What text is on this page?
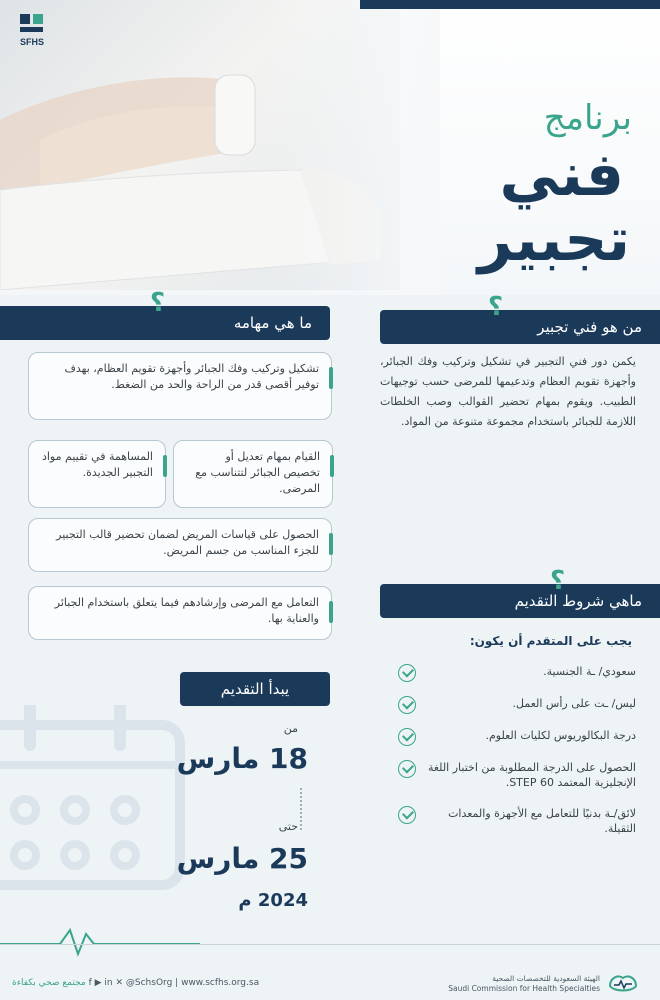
SFHS
برنامج
فني
تجبير
ما هي مهامه
؟
تشكيل وتركيب وفك الجبائر وأجهزة تقويم العظام، بهدف توفير أقصى قدر من الراحة والحد من الضغط.
القيام بمهام تعديل أو تخصيص الجبائر لتتناسب مع المرضى.
المساهمة في تقييم مواد التجبير الجديدة.
الحصول على قياسات المريض لضمان تحضير قالب التجبير للجزء المناسب من جسم المريض.
التعامل مع المرضى وإرشادهم فيما يتعلق باستخدام الجبائر والعناية بها.
من هو فني تجبير
؟
يكمن دور فني التجبير في تشكيل وتركيب وفك الجبائر، وأجهزة تقويم العظام وتدعيمها للمرضى حسب توجيهات الطبيب. ويقوم بمهام تحضير القوالب وصب الخلطات اللازمة للجبائر باستخدام مجموعة متنوعة من المواد.
ماهي شروط التقديم
؟
يجب على المتقدم أن يكون:
سعودي/ ـة الجنسية.
ليس/ ـت على رأس العمل.
درجة البكالوريوس لكليات العلوم.
الحصول على الدرجة المطلوبة من اختبار اللغة الإنجليزية المعتمد STEP 60.
لائق/ـة بدنيًا للتعامل مع الأجهزة والمعدات الثقيلة.
يبدأ التقديم
من
18 مارس
حتى
25 مارس
2024 م
مجتمع صحي بكفاءة f ▶ in ✕ @SchsOrg | www.scfhs.org.sa	الهيئة السعودية للتخصصات الصحية
Saudi Commission for Health Specialties
